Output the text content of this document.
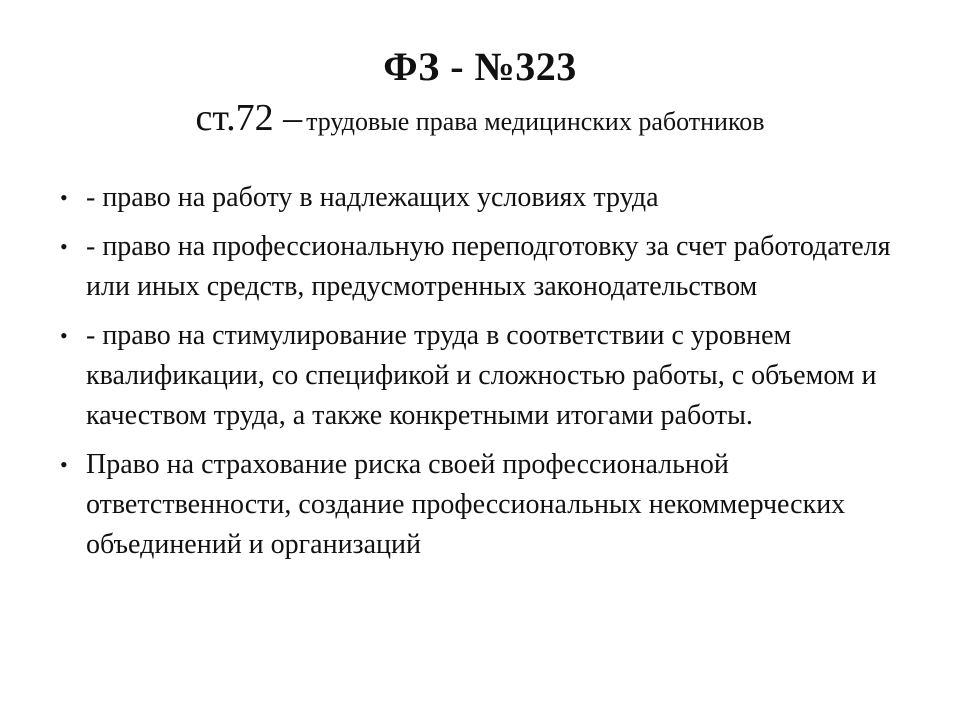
ФЗ - №323
ст.72 – трудовые права медицинских работников
• - право на работу в надлежащих условиях труда
• - право на профессиональную переподготовку за счет работодателя или иных средств, предусмотренных законодательством
• - право на стимулирование труда в соответствии с уровнем квалификации, со спецификой и сложностью работы, с объемом и качеством труда, а также конкретными итогами работы.
• Право на страхование риска своей профессиональной ответственности, создание профессиональных некоммерческих объединений и организаций
